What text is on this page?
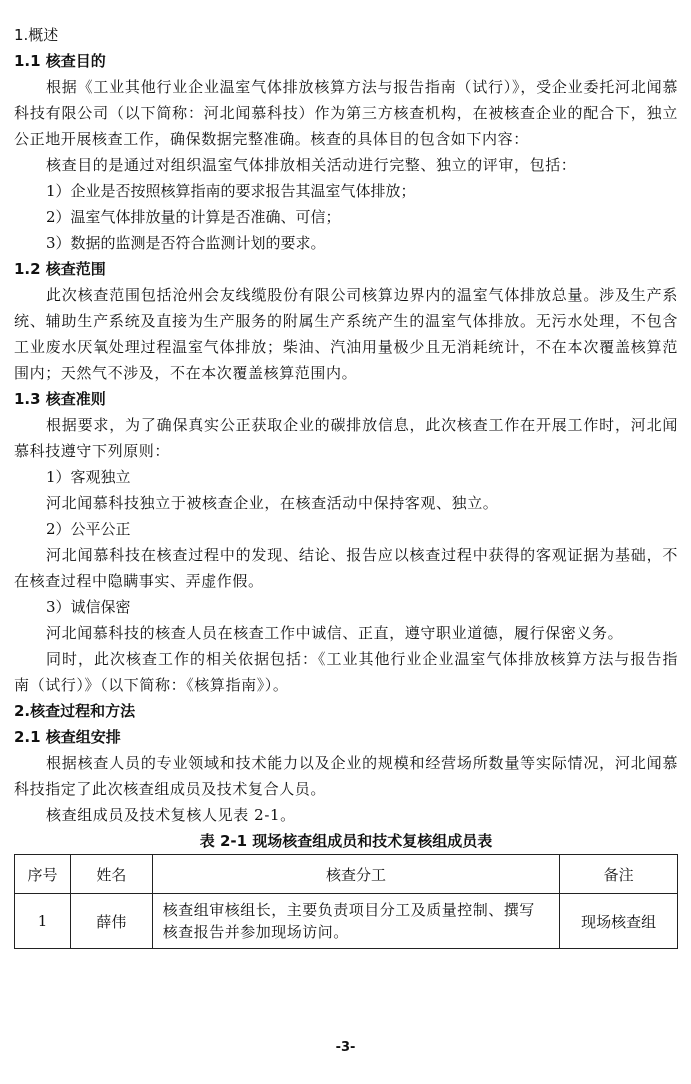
1.概述
1.1 核查目的
根据《工业其他行业企业温室气体排放核算方法与报告指南（试行）》，受企业委托河北闻慕科技有限公司（以下简称：河北闻慕科技）作为第三方核查机构，在被核查企业的配合下，独立公正地开展核查工作，确保数据完整准确。核查的具体目的包含如下内容：
核查目的是通过对组织温室气体排放相关活动进行完整、独立的评审，包括：
1）企业是否按照核算指南的要求报告其温室气体排放；
2）温室气体排放量的计算是否准确、可信；
3）数据的监测是否符合监测计划的要求。
1.2 核查范围
此次核查范围包括沧州会友线缆股份有限公司核算边界内的温室气体排放总量。涉及生产系统、辅助生产系统及直接为生产服务的附属生产系统产生的温室气体排放。无污水处理，不包含工业废水厌氧处理过程温室气体排放；柴油、汽油用量极少且无消耗统计，不在本次覆盖核算范围内；天然气不涉及，不在本次覆盖核算范围内。
1.3 核查准则
根据要求，为了确保真实公正获取企业的碳排放信息，此次核查工作在开展工作时，河北闻慕科技遵守下列原则：
1）客观独立
河北闻慕科技独立于被核查企业，在核查活动中保持客观、独立。
2）公平公正
河北闻慕科技在核查过程中的发现、结论、报告应以核查过程中获得的客观证据为基础，不在核查过程中隐瞒事实、弄虚作假。
3）诚信保密
河北闻慕科技的核查人员在核查工作中诚信、正直，遵守职业道德，履行保密义务。
同时，此次核查工作的相关依据包括：《工业其他行业企业温室气体排放核算方法与报告指南（试行）》（以下简称：《核算指南》）。
2.核查过程和方法
2.1 核查组安排
根据核查人员的专业领域和技术能力以及企业的规模和经营场所数量等实际情况，河北闻慕科技指定了此次核查组成员及技术复合人员。
核查组成员及技术复核人见表 2-1。
表 2-1 现场核查组成员和技术复核组成员表
序号	姓名	核查分工	备注
1	薛伟	核查组审核组长，主要负责项目分工及质量控制、撰写核查报告并参加现场访问。	现场核查组
-3-
